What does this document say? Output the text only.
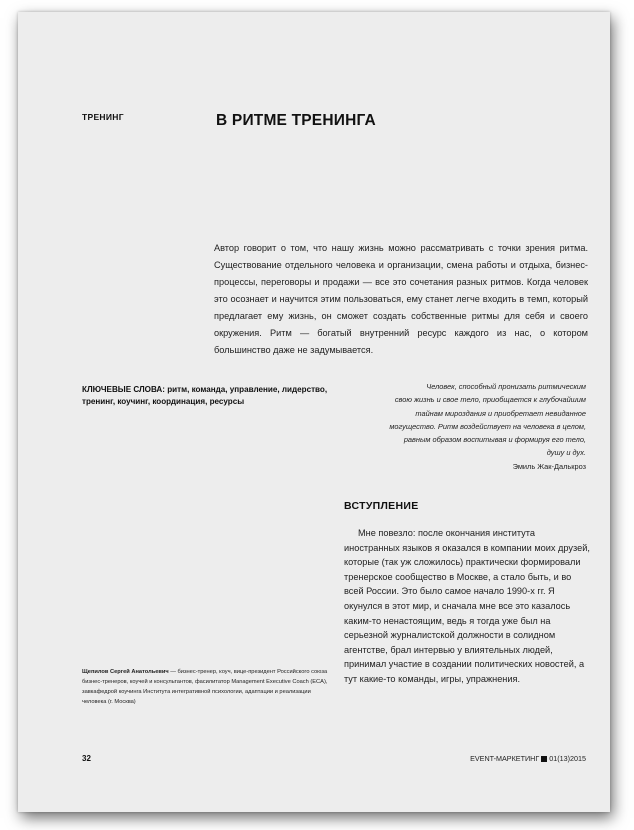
ТРЕНИНГ	В РИТМЕ ТРЕНИНГА

Автор говорит о том, что нашу жизнь можно рассматривать с точки зрения ритма. Существование отдельного человека и организации, смена работы и отдыха, бизнес-процессы, переговоры и продажи — все это сочетания разных ритмов. Когда человек это осознает и научится этим пользоваться, ему станет легче входить в темп, который предлагает ему жизнь, он сможет создать собственные ритмы для себя и своего окружения. Ритм — богатый внутренний ресурс каждого из нас, о котором большинство даже не задумывается.

КЛЮЧЕВЫЕ СЛОВА: ритм, команда, управление, лидерство, тренинг, коучинг, координация, ресурсы

Человек, способный пронизать ритмическим
свою жизнь и свое тело, приобщается к глубочайшим
тайнам мироздания и приобретает невиданное
могущество. Ритм воздействует на человека в целом,
равным образом воспитывая и формируя его тело,
душу и дух.

Эмиль Жак-Далькроз

ВСТУПЛЕНИЕ

Мне повезло: после окончания института иностранных языков я оказался в компании моих друзей, которые (так уж сложилось) практически формировали тренерское сообщество в Москве, а стало быть, и во всей России. Это было самое начало 1990-х гг. Я окунулся в этот мир, и сначала мне все это казалось каким-то ненастоящим, ведь я тогда уже был на серьезной журналистской должности в солидном агентстве, брал интервью у влиятельных людей, принимал участие в создании политических новостей, а тут какие-то команды, игры, упражнения.

Щепилов Сергей Анатольевич — бизнес-тренер, коуч, вице-президент Российского союза бизнес-тренеров, коучей и консультантов, фасилитатор Management Executive Coach (ECA), завкафедрой коучинга Института интегративной психологии, адаптации и реализации человека (г. Москва)
32	EVENT-МАРКЕТИНГ 01(13)2015
